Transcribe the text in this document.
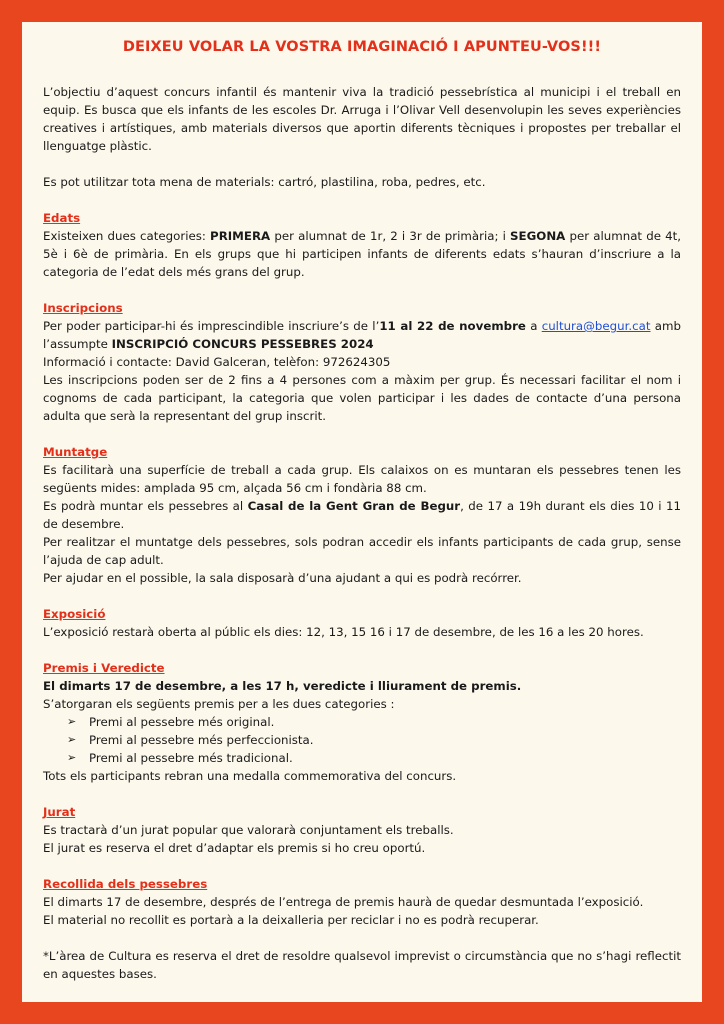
DEIXEU VOLAR LA VOSTRA IMAGINACIÓ I APUNTEU-VOS!!!

L’objectiu d’aquest concurs infantil és mantenir viva la tradició pessebrística al municipi i el treball en equip. Es busca que els infants de les escoles Dr. Arruga i l’Olivar Vell desenvolupin les seves experiències creatives i artístiques, amb materials diversos que aportin diferents tècniques i propostes per treballar el llenguatge plàstic.

Es pot utilitzar tota mena de materials: cartró, plastilina, roba, pedres, etc.

Edats

Existeixen dues categories: PRIMERA per alumnat de 1r, 2 i 3r de primària; i SEGONA per alumnat de 4t, 5è i 6è de primària. En els grups que hi participen infants de diferents edats s’hauran d’inscriure a la categoria de l’edat dels més grans del grup.

Inscripcions

Per poder participar-hi és imprescindible inscriure’s de l’11 al 22 de novembre a cultura@begur.cat amb l’assumpte INSCRIPCIÓ CONCURS PESSEBRES 2024

Informació i contacte: David Galceran, telèfon: 972624305

Les inscripcions poden ser de 2 fins a 4 persones com a màxim per grup. És necessari facilitar el nom i cognoms de cada participant, la categoria que volen participar i les dades de contacte d’una persona adulta que serà la representant del grup inscrit.

Muntatge

Es facilitarà una superfície de treball a cada grup. Els calaixos on es muntaran els pessebres tenen les següents mides: amplada 95 cm, alçada 56 cm i fondària 88 cm.

Es podrà muntar els pessebres al Casal de la Gent Gran de Begur, de 17 a 19h durant els dies 10 i 11 de desembre.

Per realitzar el muntatge dels pessebres, sols podran accedir els infants participants de cada grup, sense l’ajuda de cap adult.

Per ajudar en el possible, la sala disposarà d’una ajudant a qui es podrà recórrer.

Exposició

L’exposició restarà oberta al públic els dies: 12, 13, 15 16 i 17 de desembre, de les 16 a les 20 hores.

Premis i Veredicte

El dimarts 17 de desembre, a les 17 h, veredicte i lliurament de premis.

S’atorgaran els següents premis per a les dues categories :

➢	Premi al pessebre més original.
➢	Premi al pessebre més perfeccionista.
➢	Premi al pessebre més tradicional.

Tots els participants rebran una medalla commemorativa del concurs.

Jurat

Es tractarà d’un jurat popular que valorarà conjuntament els treballs.

El jurat es reserva el dret d’adaptar els premis si ho creu oportú.

Recollida dels pessebres

El dimarts 17 de desembre, després de l’entrega de premis haurà de quedar desmuntada l’exposició.

El material no recollit es portarà a la deixalleria per reciclar i no es podrà recuperar.

*L’àrea de Cultura es reserva el dret de resoldre qualsevol imprevist o circumstància que no s’hagi reflectit en aquestes bases.
